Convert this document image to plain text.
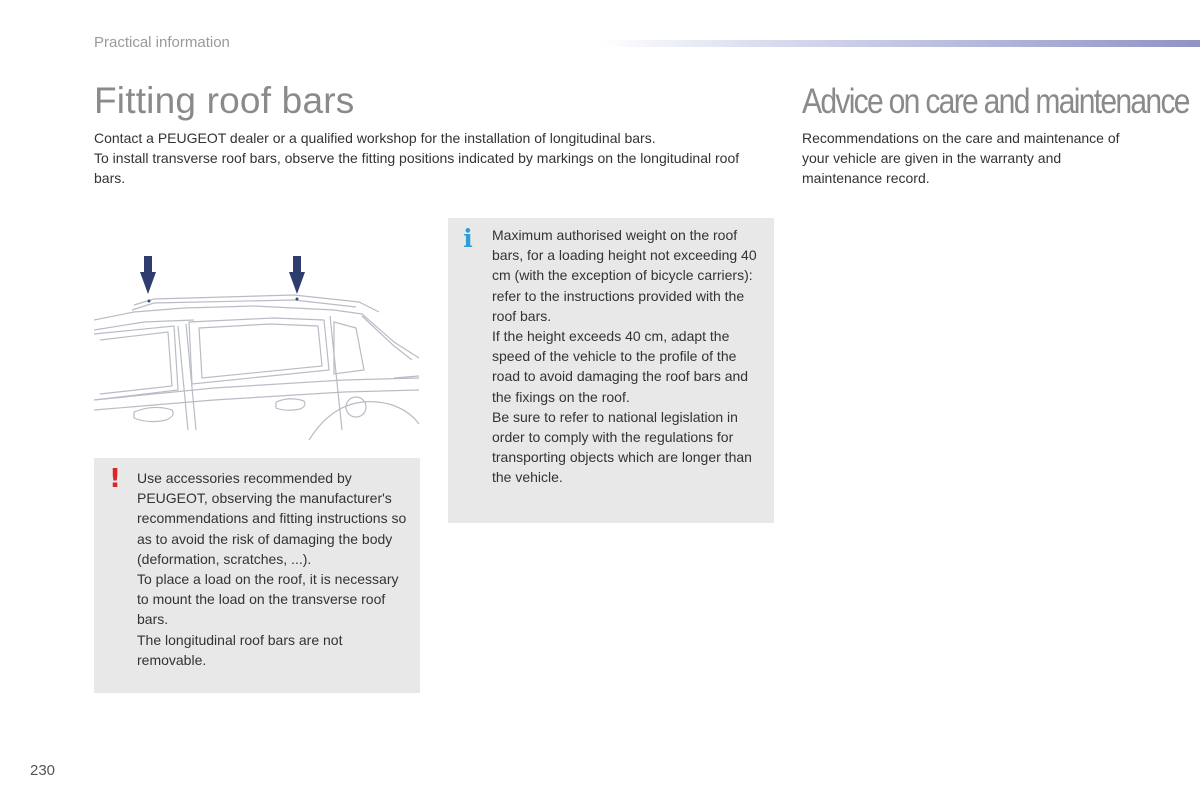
Practical information
Fitting roof bars

Contact a PEUGEOT dealer or a qualified workshop for the installation of longitudinal bars.

To install transverse roof bars, observe the fitting positions indicated by markings on the longitudinal roof bars.

Advice on care and maintenance

Recommendations on the care and maintenance of your vehicle are given in the warranty and maintenance record.

i Maximum authorised weight on the roof bars, for a loading height not exceeding 40 cm (with the exception of bicycle carriers): refer to the instructions provided with the roof bars.

If the height exceeds 40 cm, adapt the speed of the vehicle to the profile of the road to avoid damaging the roof bars and the fixings on the roof.

Be sure to refer to national legislation in order to comply with the regulations for transporting objects which are longer than the vehicle.

! Use accessories recommended by PEUGEOT, observing the manufacturer's recommendations and fitting instructions so as to avoid the risk of damaging the body (deformation, scratches, ...).

To place a load on the roof, it is necessary to mount the load on the transverse roof bars.

The longitudinal roof bars are not removable.

230
